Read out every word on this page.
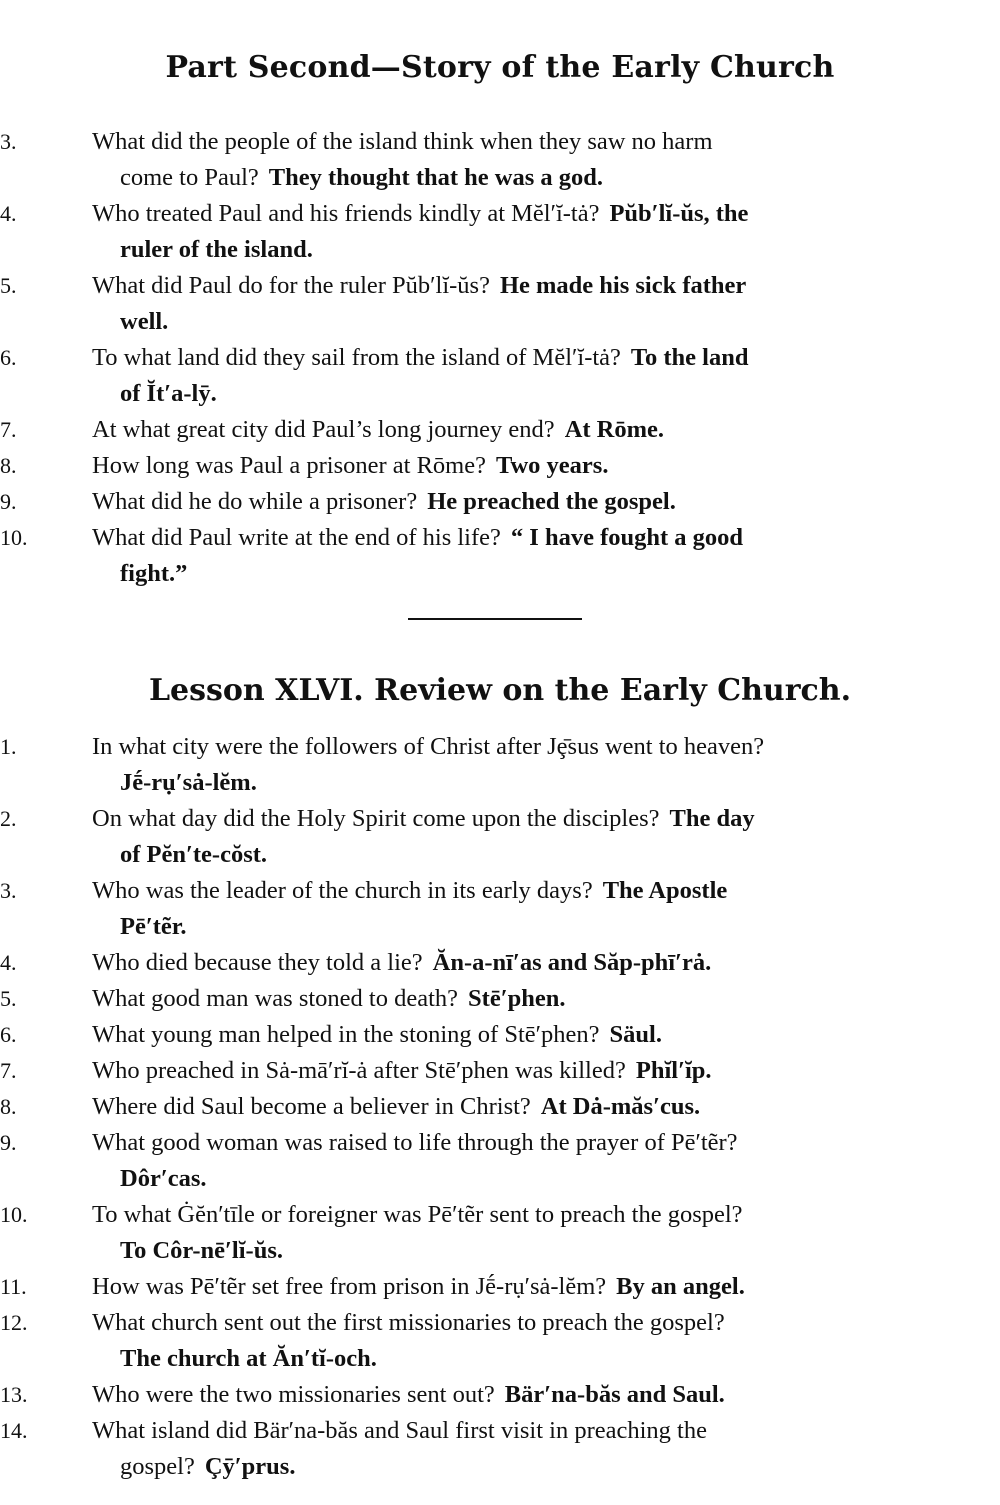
Part Second—Story of the Early Church
3.	What did the people of the island think when they saw no harm
come to Paul? They thought that he was a god.
4.	Who treated Paul and his friends kindly at Mĕl′ĭ-tȧ? Pŭb′lĭ-ŭs, the
ruler of the island.
5.	What did Paul do for the ruler Pŭb′lĭ-ŭs? He made his sick father
well.
6.	To what land did they sail from the island of Mĕl′ĭ-tȧ? To the land
of Ĭt′a-lȳ.
7.	At what great city did Paul’s long journey end? At Rōme.
8.	How long was Paul a prisoner at Rōme? Two years.
9.	What did he do while a prisoner? He preached the gospel.
10.	What did Paul write at the end of his life? “ I have fought a good
fight.”
Lesson XLVI. Review on the Early Church.
1.	In what city were the followers of Christ after Jȩ̄sus went to heaven?
Jḗ-rụ′sȧ-lĕm.
2.	On what day did the Holy Spirit come upon the disciples? The day
of Pĕn′te-cŏst.
3.	Who was the leader of the church in its early days? The Apostle
Pē′tẽr.
4.	Who died because they told a lie? Ăn-a-nī′as and Săp-phī′rȧ.
5.	What good man was stoned to death? Stē′phen.
6.	What young man helped in the stoning of Stē′phen? Säul.
7.	Who preached in Sȧ-mā′rĭ-ȧ after Stē′phen was killed? Phĭl′ĭp.
8.	Where did Saul become a believer in Christ? At Dȧ-măs′cus.
9.	What good woman was raised to life through the prayer of Pē′tẽr?
Dôr′cas.
10.	To what Ġĕn′tīle or foreigner was Pē′tẽr sent to preach the gospel?
To Côr-nē′lĭ-ŭs.
11.	How was Pē′tẽr set free from prison in Jḗ-rụ′sȧ-lĕm? By an angel.
12.	What church sent out the first missionaries to preach the gospel?
The church at Ăn′tĭ-och.
13.	Who were the two missionaries sent out? Bär′na-băs and Saul.
14.	What island did Bär′na-băs and Saul first visit in preaching the
gospel? Çȳ′prus.
